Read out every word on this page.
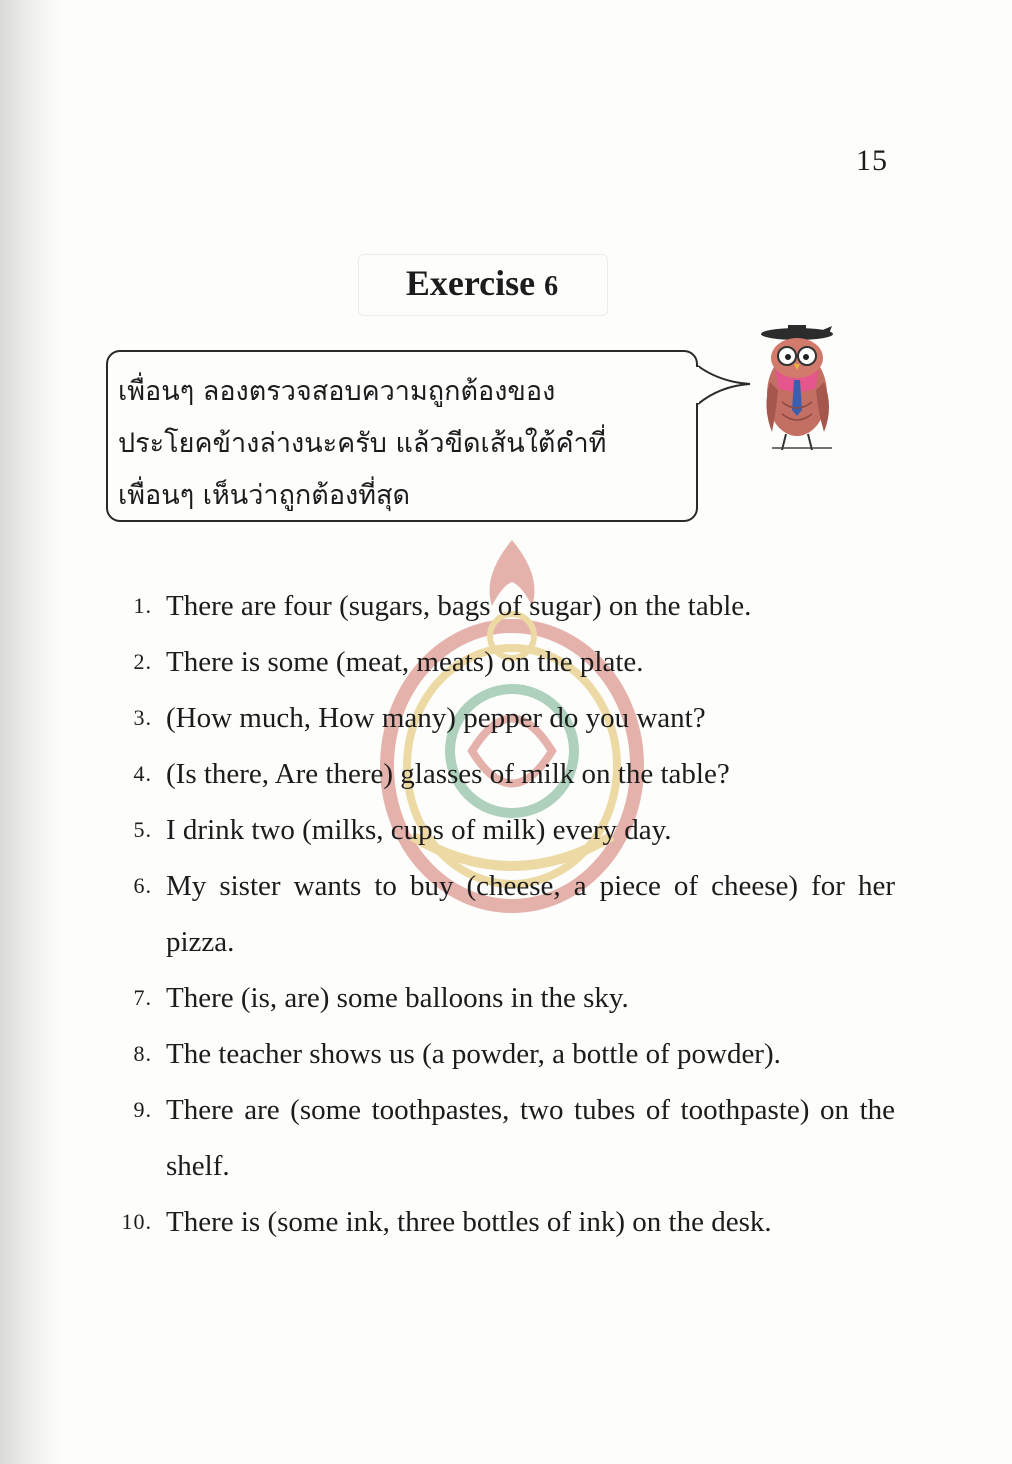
15
Exercise 6
เพื่อนๆ ลองตรวจสอบความถูกต้องของ
ประโยคข้างล่างนะครับ แล้วขีดเส้นใต้คำที่
เพื่อนๆ เห็นว่าถูกต้องที่สุด
1. There are four (sugars, bags of sugar) on the table.
2. There is some (meat, meats) on the plate.
3. (How much, How many) pepper do you want?
4. (Is there, Are there) glasses of milk on the table?
5. I drink two (milks, cups of milk) every day.
6. My sister wants to buy (cheese, a piece of cheese) for her pizza.
7. There (is, are) some balloons in the sky.
8. The teacher shows us (a powder, a bottle of powder).
9. There are (some toothpastes, two tubes of toothpaste) on the shelf.
10. There is (some ink, three bottles of ink) on the desk.
